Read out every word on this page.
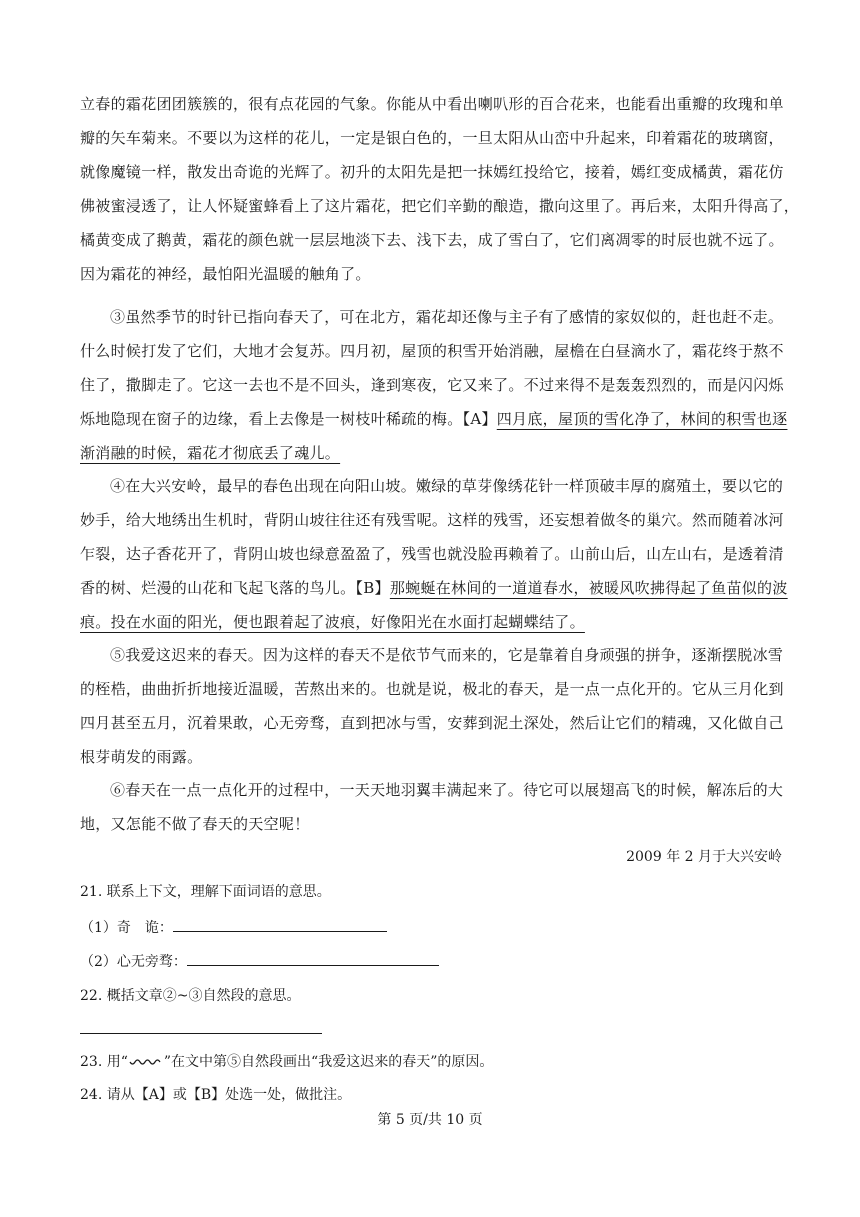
立春的霜花团团簇簇的，很有点花园的气象。你能从中看出喇叭形的百合花来，也能看出重瓣的玫瑰和单
瓣的矢车菊来。不要以为这样的花儿，一定是银白色的，一旦太阳从山峦中升起来，印着霜花的玻璃窗，
就像魔镜一样，散发出奇诡的光辉了。初升的太阳先是把一抹嫣红投给它，接着，嫣红变成橘黄，霜花仿
佛被蜜浸透了，让人怀疑蜜蜂看上了这片霜花，把它们辛勤的酿造，撒向这里了。再后来，太阳升得高了，
橘黄变成了鹅黄，霜花的颜色就一层层地淡下去、浅下去，成了雪白了，它们离凋零的时辰也就不远了。
因为霜花的神经，最怕阳光温暖的触角了。

③虽然季节的时针已指向春天了，可在北方，霜花却还像与主子有了感情的家奴似的，赶也赶不走。
什么时候打发了它们，大地才会复苏。四月初，屋顶的积雪开始消融，屋檐在白昼滴水了，霜花终于熬不
住了，撒脚走了。它这一去也不是不回头，逢到寒夜，它又来了。不过来得不是轰轰烈烈的，而是闪闪烁
烁地隐现在窗子的边缘，看上去像是一树枝叶稀疏的梅。【A】四月底，屋顶的雪化净了，林间的积雪也逐
渐消融的时候，霜花才彻底丢了魂儿。

④在大兴安岭，最早的春色出现在向阳山坡。嫩绿的草芽像绣花针一样顶破丰厚的腐殖土，要以它的
妙手，给大地绣出生机时，背阴山坡往往还有残雪呢。这样的残雪，还妄想着做冬的巢穴。然而随着冰河
乍裂，达子香花开了，背阴山坡也绿意盈盈了，残雪也就没脸再赖着了。山前山后，山左山右，是透着清
香的树、烂漫的山花和飞起飞落的鸟儿。【B】那蜿蜒在林间的一道道春水，被暖风吹拂得起了鱼苗似的波
痕。投在水面的阳光，便也跟着起了波痕，好像阳光在水面打起蝴蝶结了。

⑤我爱这迟来的春天。因为这样的春天不是依节气而来的，它是靠着自身顽强的拼争，逐渐摆脱冰雪
的桎梏，曲曲折折地接近温暖，苦熬出来的。也就是说，极北的春天，是一点一点化开的。它从三月化到
四月甚至五月，沉着果敢，心无旁骛，直到把冰与雪，安葬到泥土深处，然后让它们的精魂，又化做自己
根芽萌发的雨露。

⑥春天在一点一点化开的过程中，一天天地羽翼丰满起来了。待它可以展翅高飞的时候，解冻后的大
地，又怎能不做了春天的天空呢！

2009 年 2 月于大兴安岭
21. 联系上下文，理解下面词语的意思。
（1）奇　诡：
（2）心无旁骛：
22. 概括文章②~③自然段的意思。
23. 用“	”在文中第⑤自然段画出“我爱这迟来的春天”的原因。
24. 请从【A】或【B】处选一处，做批注。
第 5 页/共 10 页
